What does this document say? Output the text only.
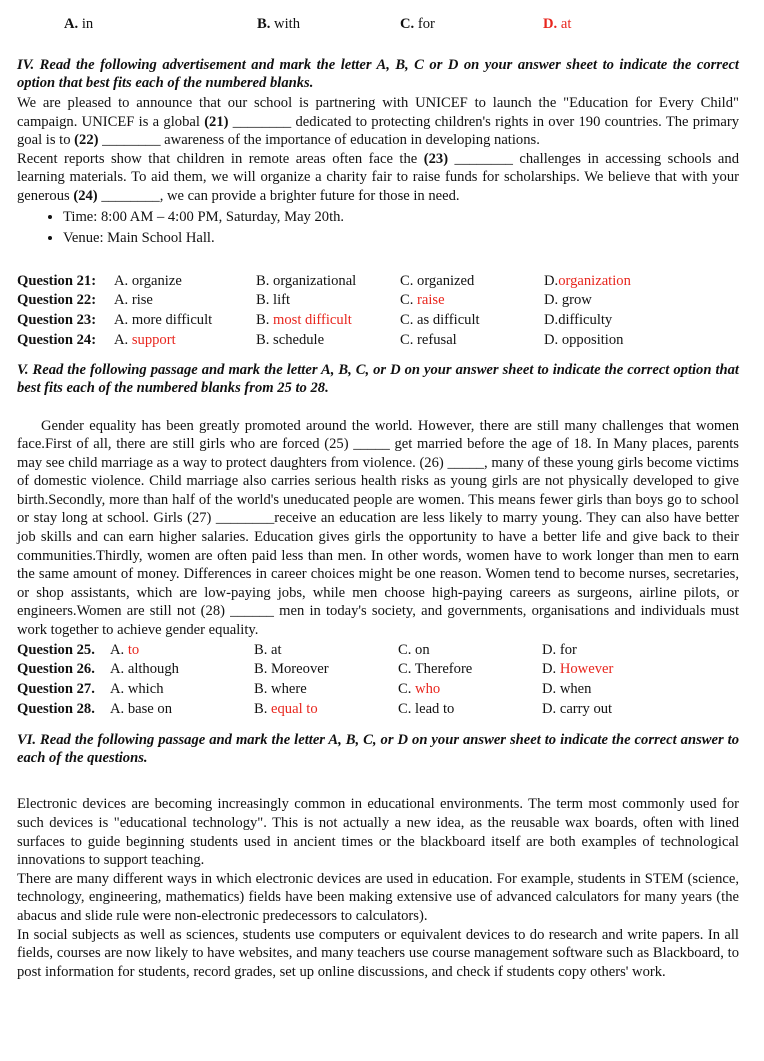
A. in	B. with	C. for	D. at
IV. Read the following advertisement and mark the letter A, B, C or D on your answer sheet to indicate the correct option that best fits each of the numbered blanks.

We are pleased to announce that our school is partnering with UNICEF to launch the "Education for Every Child" campaign. UNICEF is a global (21) ________ dedicated to protecting children's rights in over 190 countries. The primary goal is to (22) ________ awareness of the importance of education in developing nations.

Recent reports show that children in remote areas often face the (23) ________ challenges in accessing schools and learning materials. To aid them, we will organize a charity fair to raise funds for scholarships. We believe that with your generous (24) ________, we can provide a brighter future for those in need.

• Time: 8:00 AM – 4:00 PM, Saturday, May 20th.
• Venue: Main School Hall.
Question 21:	A. organize	B. organizational	C. organized	D.organization
Question 22:	A. rise	B. lift	C. raise	D. grow
Question 23:	A. more difficult	B. most difficult	C. as difficult	D.difficulty
Question 24:	A. support	B. schedule	C. refusal	D. opposition
V. Read the following passage and mark the letter A, B, C, or D on your answer sheet to indicate the correct option that best fits each of the numbered blanks from 25 to 28.

Gender equality has been greatly promoted around the world. However, there are still many challenges that women face.First of all, there are still girls who are forced (25) _____ get married before the age of 18. In Many places, parents may see child marriage as a way to protect daughters from violence. (26) _____, many of these young girls become victims of domestic violence. Child marriage also carries serious health risks as young girls are not physically developed to give birth.Secondly, more than half of the world's uneducated people are women. This means fewer girls than boys go to school or stay long at school. Girls (27) ________receive an education are less likely to marry young. They can also have better job skills and can earn higher salaries. Education gives girls the opportunity to have a better life and give back to their communities.Thirdly, women are often paid less than men. In other words, women have to work longer than men to earn the same amount of money. Differences in career choices might be one reason. Women tend to become nurses, secretaries, or shop assistants, which are low-paying jobs, while men choose high-paying careers as surgeons, airline pilots, or engineers.Women are still not (28) ______ men in today's society, and governments, organisations and individuals must work together to achieve gender equality.

Question 25.	A. to	B. at	C. on	D. for
Question 26.	A. although	B. Moreover	C. Therefore	D. However
Question 27.	A. which	B. where	C. who	D. when
Question 28.	A. base on	B. equal to	C. lead to	D. carry out
VI. Read the following passage and mark the letter A, B, C, or D on your answer sheet to indicate the correct answer to each of the questions.

Electronic devices are becoming increasingly common in educational environments. The term most commonly used for such devices is "educational technology". This is not actually a new idea, as the reusable wax boards, often with lined surfaces to guide beginning students used in ancient times or the blackboard itself are both examples of technological innovations to support teaching.

There are many different ways in which electronic devices are used in education. For example, students in STEM (science, technology, engineering, mathematics) fields have been making extensive use of advanced calculators for many years (the abacus and slide rule were non-electronic predecessors to calculators).

In social subjects as well as sciences, students use computers or equivalent devices to do research and write papers. In all fields, courses are now likely to have websites, and many teachers use course management software such as Blackboard, to post information for students, record grades, set up online discussions, and check if students copy others' work.
